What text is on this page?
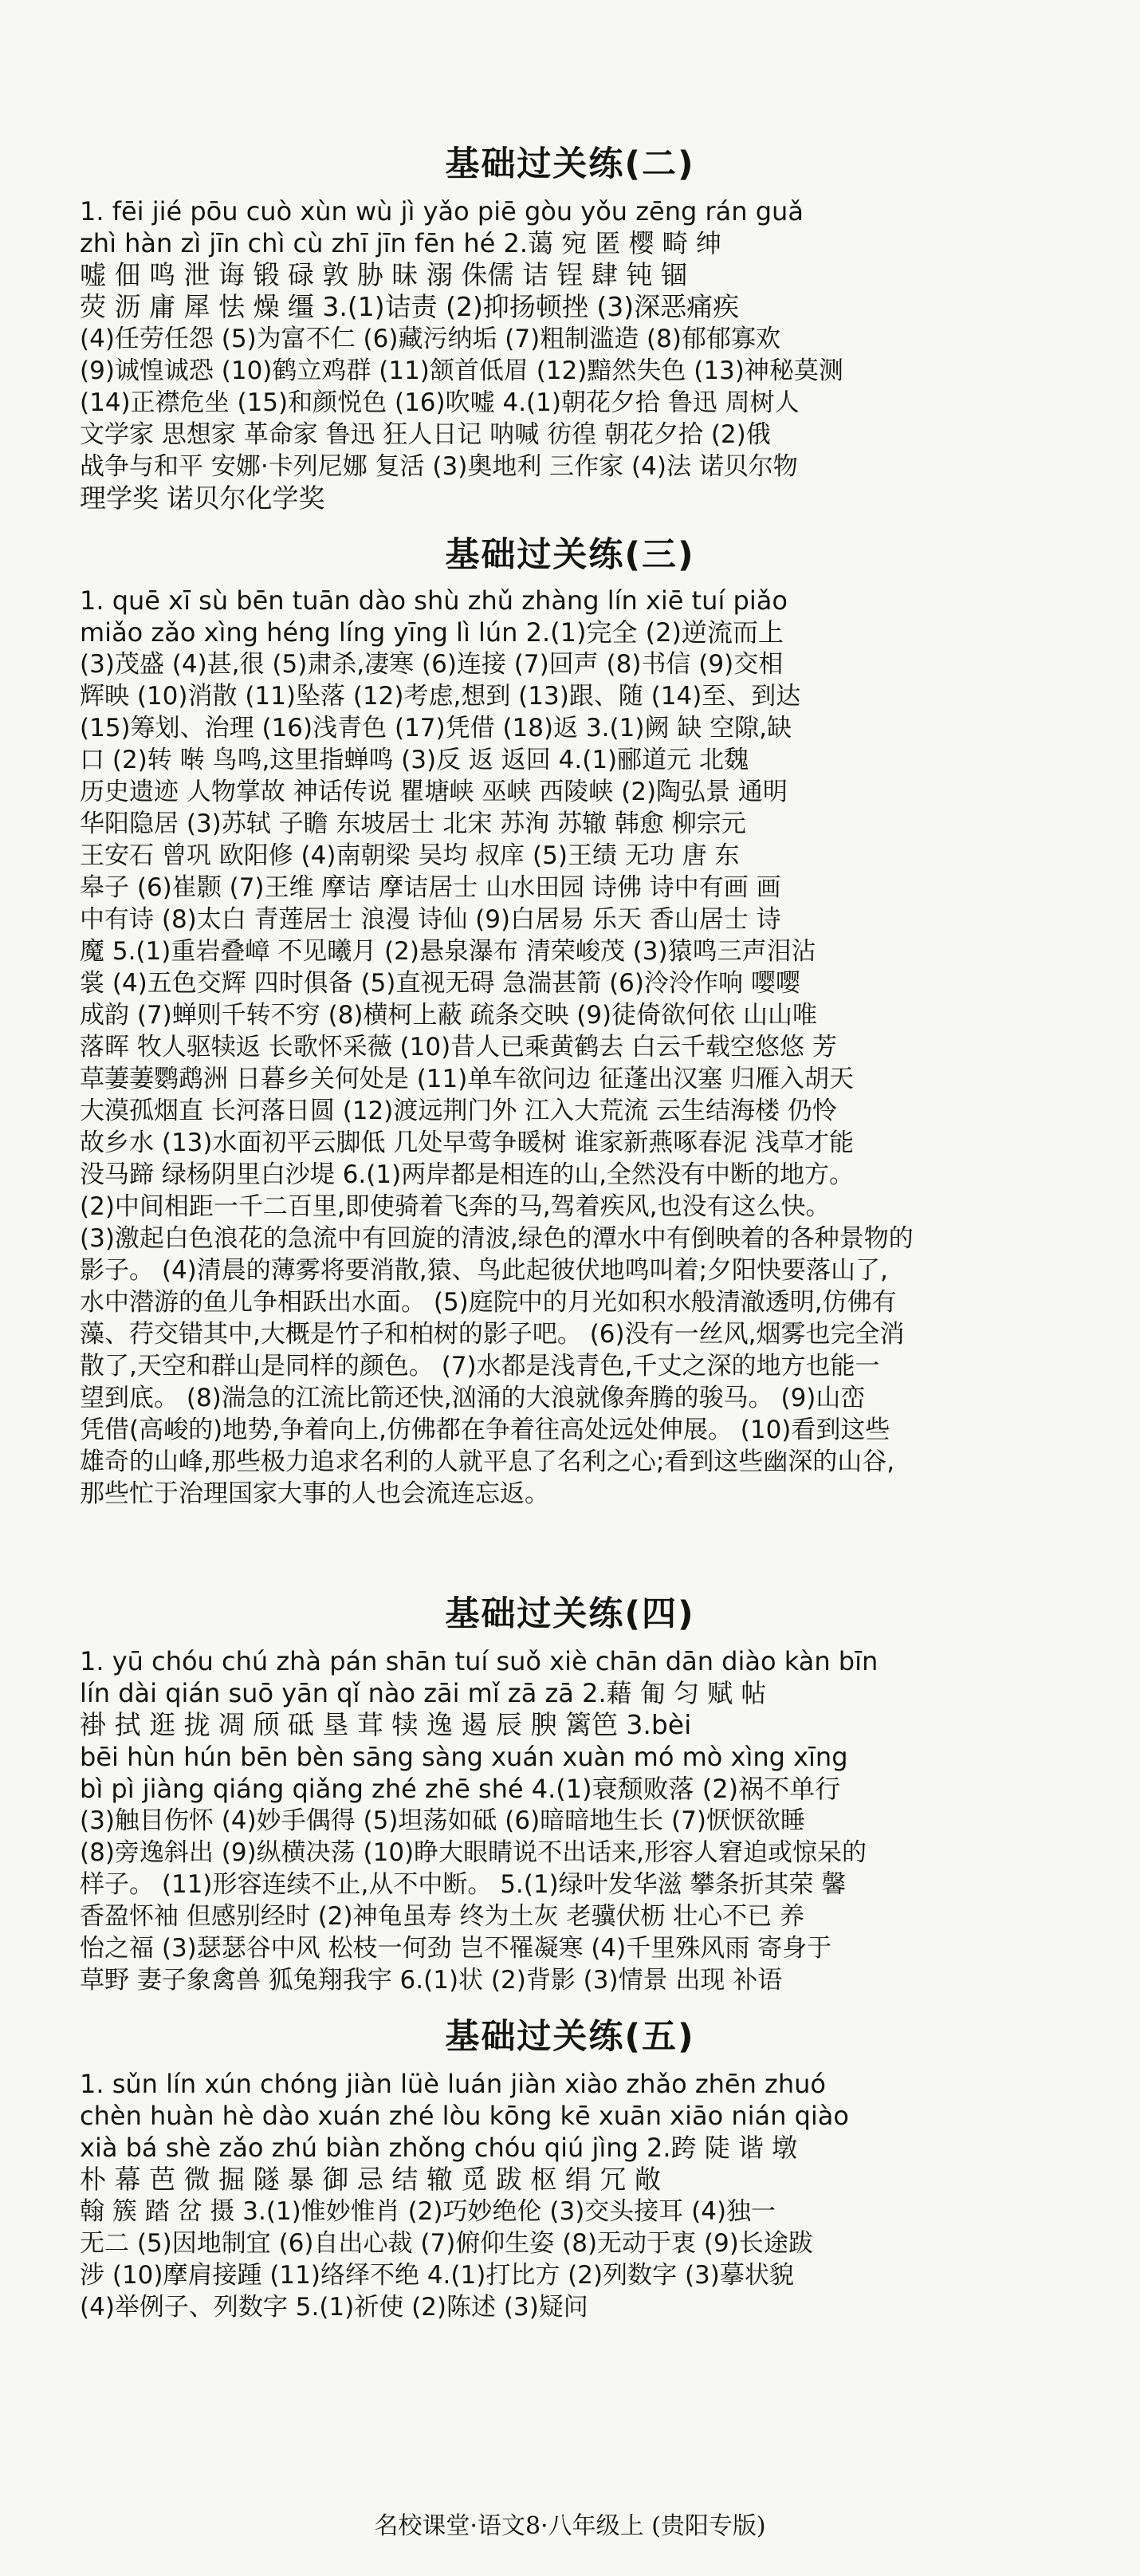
基础过关练(二)
1. fēi jié pōu cuò xùn wù jì yǎo piē gòu yǒu zēng rán guǎ
zhì hàn zì jīn chì cù zhī jīn fēn hé 2.蔼 宛 匿 樱 畸 绅
嘘 佃 鸣 泄 诲 锻 碌 敦 胁 昧 溺 侏儒 诘 锃 肆 钝 锢
荧 沥 庸 犀 怯 燥 缰 3.(1)诘责 (2)抑扬顿挫 (3)深恶痛疾
(4)任劳任怨 (5)为富不仁 (6)藏污纳垢 (7)粗制滥造 (8)郁郁寡欢
(9)诚惶诚恐 (10)鹤立鸡群 (11)颔首低眉 (12)黯然失色 (13)神秘莫测
(14)正襟危坐 (15)和颜悦色 (16)吹嘘 4.(1)朝花夕拾 鲁迅 周树人
文学家 思想家 革命家 鲁迅 狂人日记 呐喊 彷徨 朝花夕拾 (2)俄
战争与和平 安娜·卡列尼娜 复活 (3)奥地利 三作家 (4)法 诺贝尔物
理学奖 诺贝尔化学奖
基础过关练(三)
1. quē xī sù bēn tuān dào shù zhǔ zhàng lín xiē tuí piǎo
miǎo zǎo xìng héng líng yīng lì lún 2.(1)完全 (2)逆流而上
(3)茂盛 (4)甚,很 (5)肃杀,凄寒 (6)连接 (7)回声 (8)书信 (9)交相
辉映 (10)消散 (11)坠落 (12)考虑,想到 (13)跟、随 (14)至、到达
(15)筹划、治理 (16)浅青色 (17)凭借 (18)返 3.(1)阙 缺 空隙,缺
口 (2)转 啭 鸟鸣,这里指蝉鸣 (3)反 返 返回 4.(1)郦道元 北魏
历史遗迹 人物掌故 神话传说 瞿塘峡 巫峡 西陵峡 (2)陶弘景 通明
华阳隐居 (3)苏轼 子瞻 东坡居士 北宋 苏洵 苏辙 韩愈 柳宗元
王安石 曾巩 欧阳修 (4)南朝梁 吴均 叔庠 (5)王绩 无功 唐 东
皋子 (6)崔颢 (7)王维 摩诘 摩诘居士 山水田园 诗佛 诗中有画 画
中有诗 (8)太白 青莲居士 浪漫 诗仙 (9)白居易 乐天 香山居士 诗
魔 5.(1)重岩叠嶂 不见曦月 (2)悬泉瀑布 清荣峻茂 (3)猿鸣三声泪沾
裳 (4)五色交辉 四时俱备 (5)直视无碍 急湍甚箭 (6)泠泠作响 嘤嘤
成韵 (7)蝉则千转不穷 (8)横柯上蔽 疏条交映 (9)徒倚欲何依 山山唯
落晖 牧人驱犊返 长歌怀采薇 (10)昔人已乘黄鹤去 白云千载空悠悠 芳
草萋萋鹦鹉洲 日暮乡关何处是 (11)单车欲问边 征蓬出汉塞 归雁入胡天
大漠孤烟直 长河落日圆 (12)渡远荆门外 江入大荒流 云生结海楼 仍怜
故乡水 (13)水面初平云脚低 几处早莺争暖树 谁家新燕啄春泥 浅草才能
没马蹄 绿杨阴里白沙堤 6.(1)两岸都是相连的山,全然没有中断的地方。
(2)中间相距一千二百里,即使骑着飞奔的马,驾着疾风,也没有这么快。
(3)激起白色浪花的急流中有回旋的清波,绿色的潭水中有倒映着的各种景物的
影子。 (4)清晨的薄雾将要消散,猿、鸟此起彼伏地鸣叫着;夕阳快要落山了,
水中潜游的鱼儿争相跃出水面。 (5)庭院中的月光如积水般清澈透明,仿佛有
藻、荇交错其中,大概是竹子和柏树的影子吧。 (6)没有一丝风,烟雾也完全消
散了,天空和群山是同样的颜色。 (7)水都是浅青色,千丈之深的地方也能一
望到底。 (8)湍急的江流比箭还快,汹涌的大浪就像奔腾的骏马。 (9)山峦
凭借(高峻的)地势,争着向上,仿佛都在争着往高处远处伸展。 (10)看到这些
雄奇的山峰,那些极力追求名利的人就平息了名利之心;看到这些幽深的山谷,
那些忙于治理国家大事的人也会流连忘返。
基础过关练(四)
1. yū chóu chú zhà pán shān tuí suǒ xiè chān dān diào kàn bīn
lín dài qián suō yān qǐ nào zāi mǐ zā zā 2.藉 匍 匀 赋 帖
褂 拭 逛 拢 凋 颀 砥 垦 茸 犊 逸 遏 辰 腴 篱笆 3.bèi
bēi hùn hún bēn bèn sāng sàng xuán xuàn mó mò xìng xīng
bì pì jiàng qiáng qiǎng zhé zhē shé 4.(1)衰颓败落 (2)祸不单行
(3)触目伤怀 (4)妙手偶得 (5)坦荡如砥 (6)暗暗地生长 (7)恹恹欲睡
(8)旁逸斜出 (9)纵横决荡 (10)睁大眼睛说不出话来,形容人窘迫或惊呆的
样子。 (11)形容连续不止,从不中断。 5.(1)绿叶发华滋 攀条折其荣 馨
香盈怀袖 但感别经时 (2)神龟虽寿 终为土灰 老骥伏枥 壮心不已 养
怡之福 (3)瑟瑟谷中风 松枝一何劲 岂不罹凝寒 (4)千里殊风雨 寄身于
草野 妻子象禽兽 狐兔翔我宇 6.(1)状 (2)背影 (3)情景 出现 补语
基础过关练(五)
1. sǔn lín xún chóng jiàn lüè luán jiàn xiào zhǎo zhēn zhuó
chèn huàn hè dào xuán zhé lòu kōng kē xuān xiāo nián qiào
xià bá shè zǎo zhú biàn zhǒng chóu qiú jìng 2.跨 陡 谐 墩
朴 幕 芭 微 掘 隧 暴 御 忌 结 辙 觅 跋 枢 绢 冗 敞
翰 簇 踏 岔 摄 3.(1)惟妙惟肖 (2)巧妙绝伦 (3)交头接耳 (4)独一
无二 (5)因地制宜 (6)自出心裁 (7)俯仰生姿 (8)无动于衷 (9)长途跋
涉 (10)摩肩接踵 (11)络绎不绝 4.(1)打比方 (2)列数字 (3)摹状貌
(4)举例子、列数字 5.(1)祈使 (2)陈述 (3)疑问
名校课堂·语文8·八年级上 (贵阳专版)
